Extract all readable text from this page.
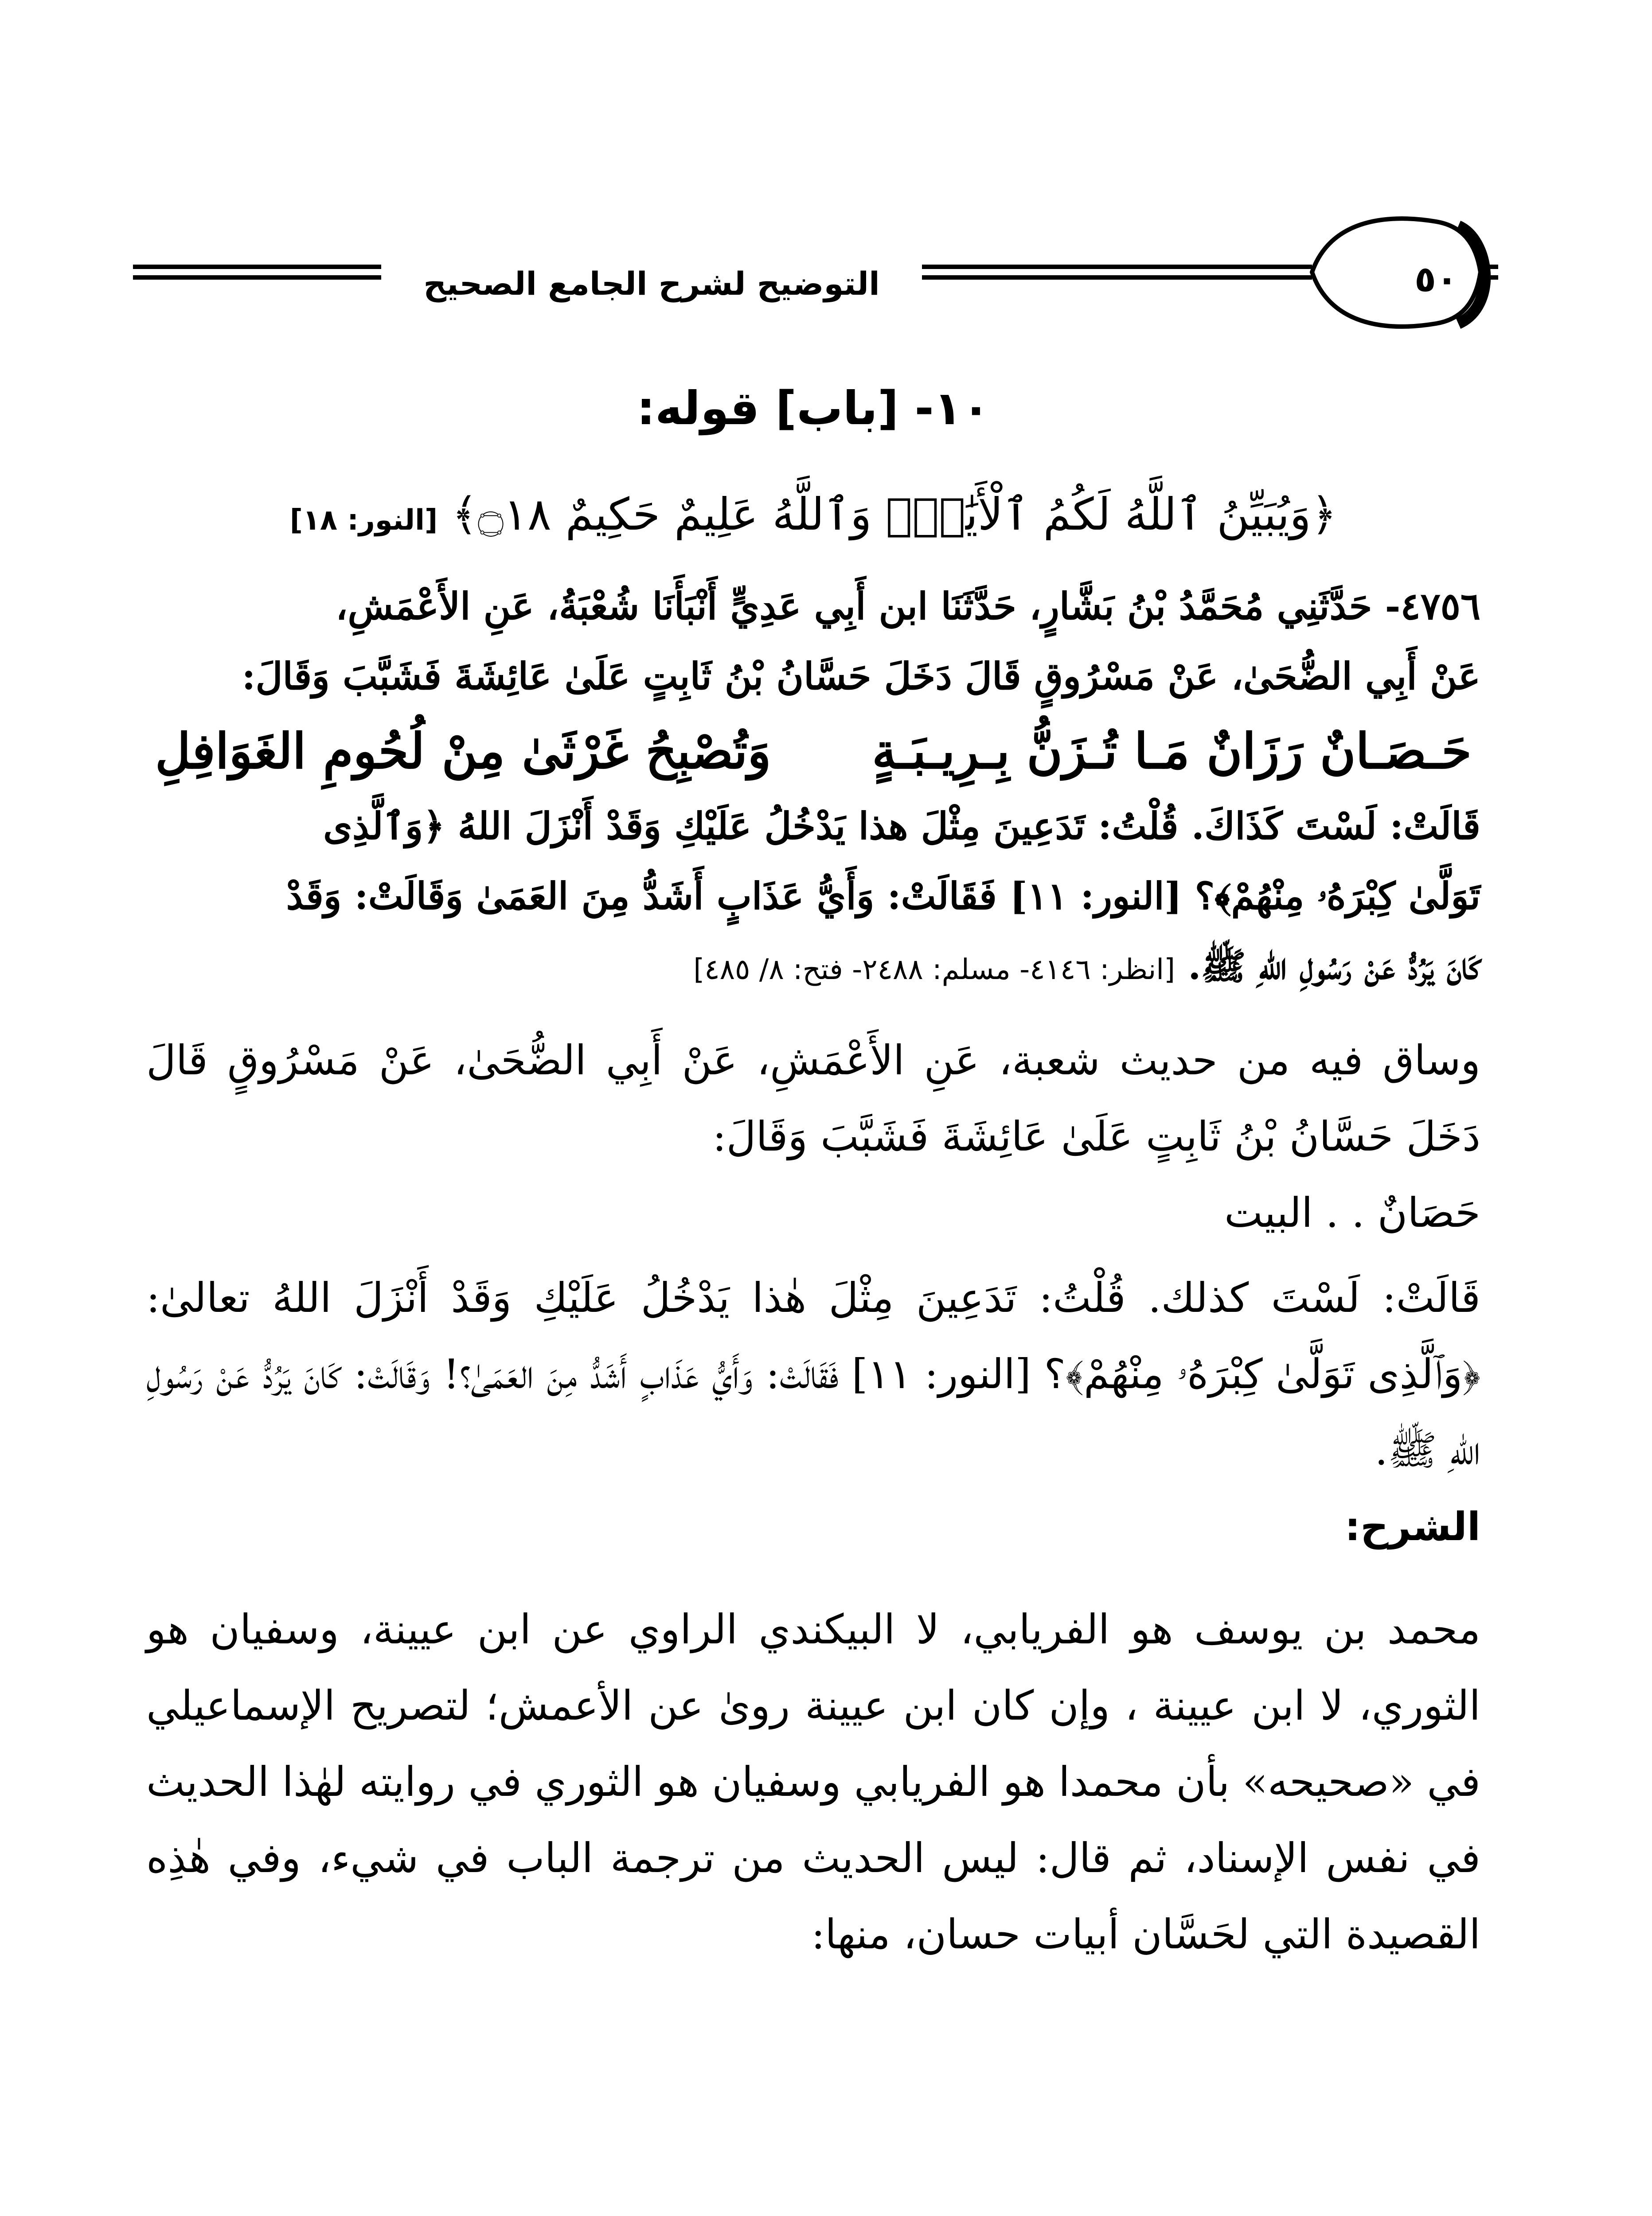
التوضيح لشرح الجامع الصحيح	٥٠
١٠- [باب] قوله:
﴿وَيُبَيِّنُ ٱللَّهُ لَكُمُ ٱلْأَيَٰتِۚ وَٱللَّهُ عَلِيمٌ حَكِيمٌ ۝١٨﴾ [النور: ١٨]

٤٧٥٦- حَدَّثَنِي مُحَمَّدُ بْنُ بَشَّارٍ، حَدَّثَنَا ابن أَبِي عَدِيٍّ أَنْبَأَنَا شُعْبَةُ، عَنِ الأَعْمَشِ،

عَنْ أَبِي الضُّحَىٰ، عَنْ مَسْرُوقٍ قَالَ دَخَلَ حَسَّانُ بْنُ ثَابِتٍ عَلَىٰ عَائِشَةَ فَشَبَّبَ وَقَالَ:

حَـصَـانٌ رَزَانٌ مَـا تُـزَنُّ بِـرِيـبَـةٍ
وَتُصْبِحُ غَرْثَىٰ مِنْ لُحُومِ الغَوَافِلِ

قَالَتْ: لَسْتَ كَذَاكَ. قُلْتُ: تَدَعِينَ مِثْلَ هذا يَدْخُلُ عَلَيْكِ وَقَدْ أَنْزَلَ اللهُ ﴿وَٱلَّذِى

تَوَلَّىٰ كِبْرَهُۥ مِنْهُمْ﴾؟ [النور: ١١] فَقَالَتْ: وَأَيُّ عَذَابٍ أَشَدُّ مِنَ العَمَىٰ وَقَالَتْ: وَقَدْ

كَانَ يَرُدُّ عَنْ رَسُولِ اللهِ ﷺ. [انظر: ٤١٤٦- مسلم: ٢٤٨٨- فتح: ٨/ ٤٨٥]

وساق فيه من حديث شعبة، عَنِ الأَعْمَشِ، عَنْ أَبِي الضُّحَىٰ، عَنْ مَسْرُوقٍ قَالَ دَخَلَ حَسَّانُ بْنُ ثَابِتٍ عَلَىٰ عَائِشَةَ فَشَبَّبَ وَقَالَ:

حَصَانٌ . . البيت

قَالَتْ: لَسْتَ كذلك. قُلْتُ: تَدَعِينَ مِثْلَ هٰذا يَدْخُلُ عَلَيْكِ وَقَدْ أَنْزَلَ اللهُ تعالىٰ: ﴿وَٱلَّذِى تَوَلَّىٰ كِبْرَهُۥ مِنْهُمْ﴾؟ [النور: ١١] فَقَالَتْ: وَأَيُّ عَذَابٍ أَشَدُّ مِنَ العَمَىٰ؟! وَقَالَتْ: كَانَ يَرُدُّ عَنْ رَسُولِ اللهِ ﷺ.

الشرح:

محمد بن يوسف هو الفريابي، لا البيكندي الراوي عن ابن عيينة، وسفيان هو الثوري، لا ابن عيينة ، وإن كان ابن عيينة روىٰ عن الأعمش؛ لتصريح الإسماعيلي في «صحيحه» بأن محمدا هو الفريابي وسفيان هو الثوري في روايته لهٰذا الحديث في نفس الإسناد، ثم قال: ليس الحديث من ترجمة الباب في شيء، وفي هٰذِه القصيدة التي لحَسَّان أبيات حسان، منها:
